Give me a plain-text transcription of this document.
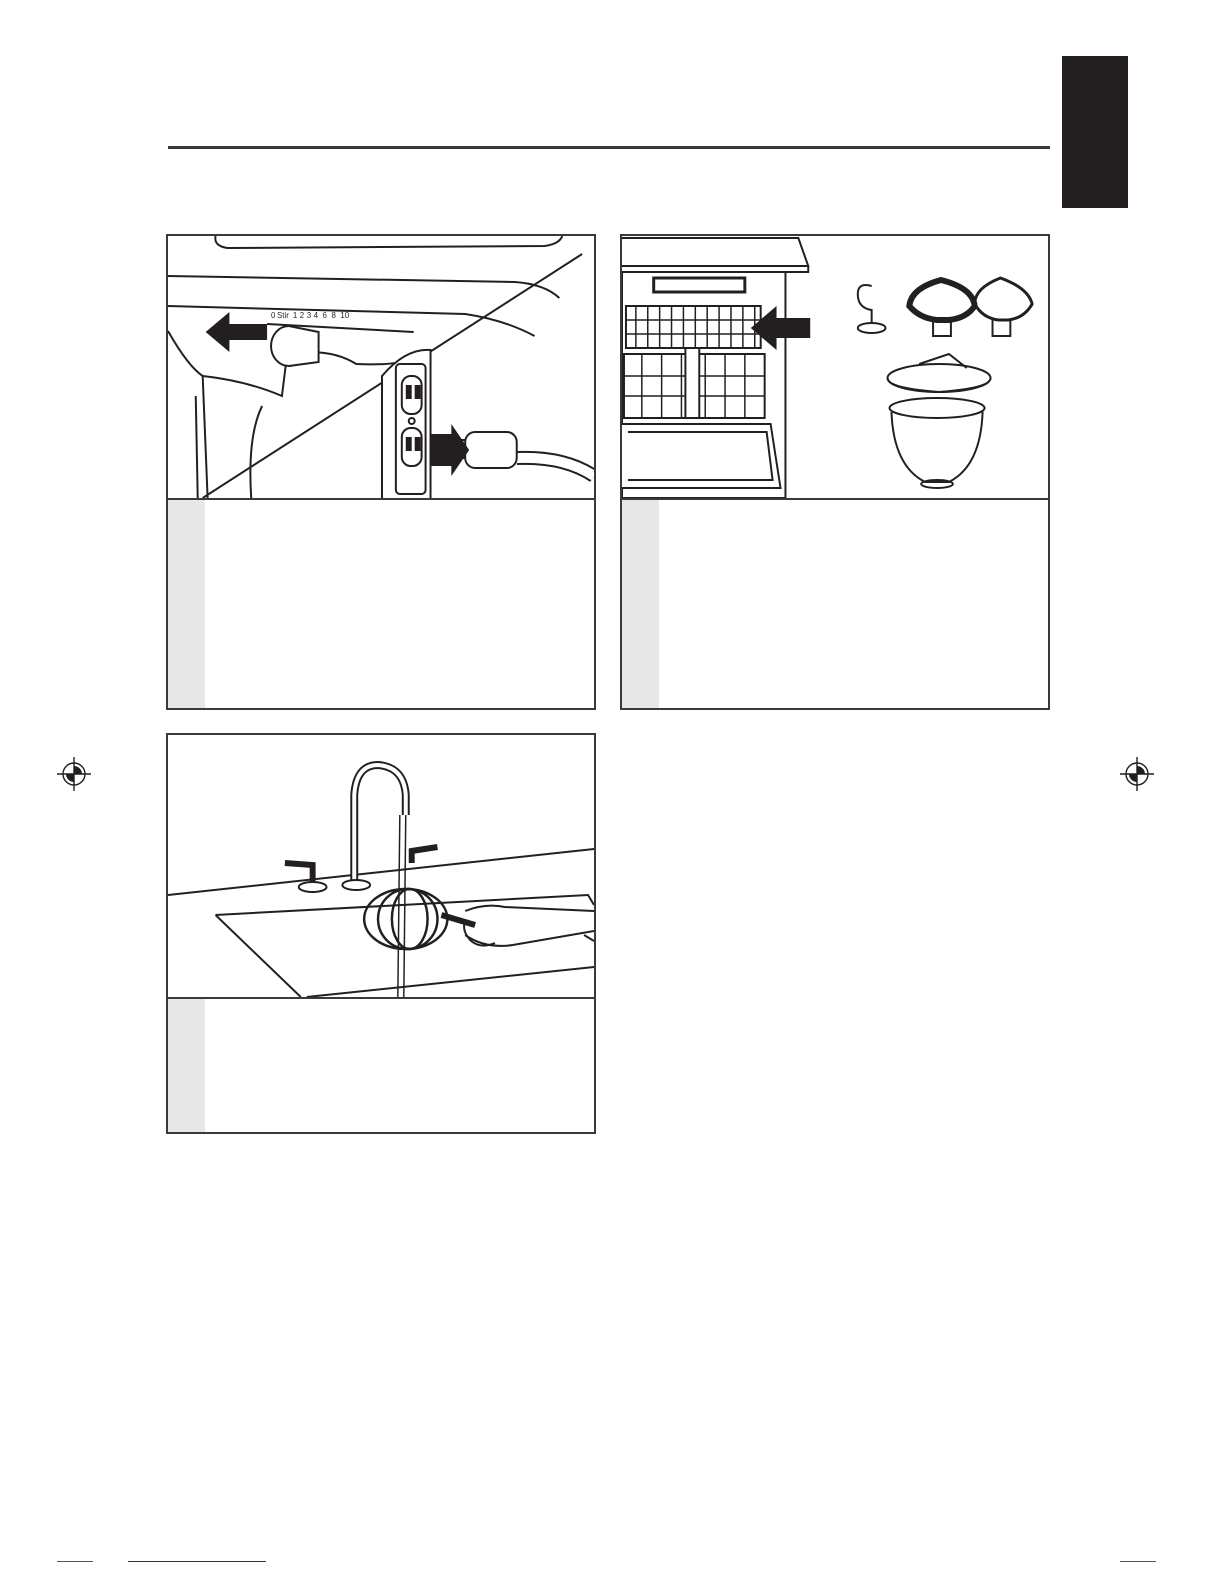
0 Stir 1 2 3 4 6 8 10
